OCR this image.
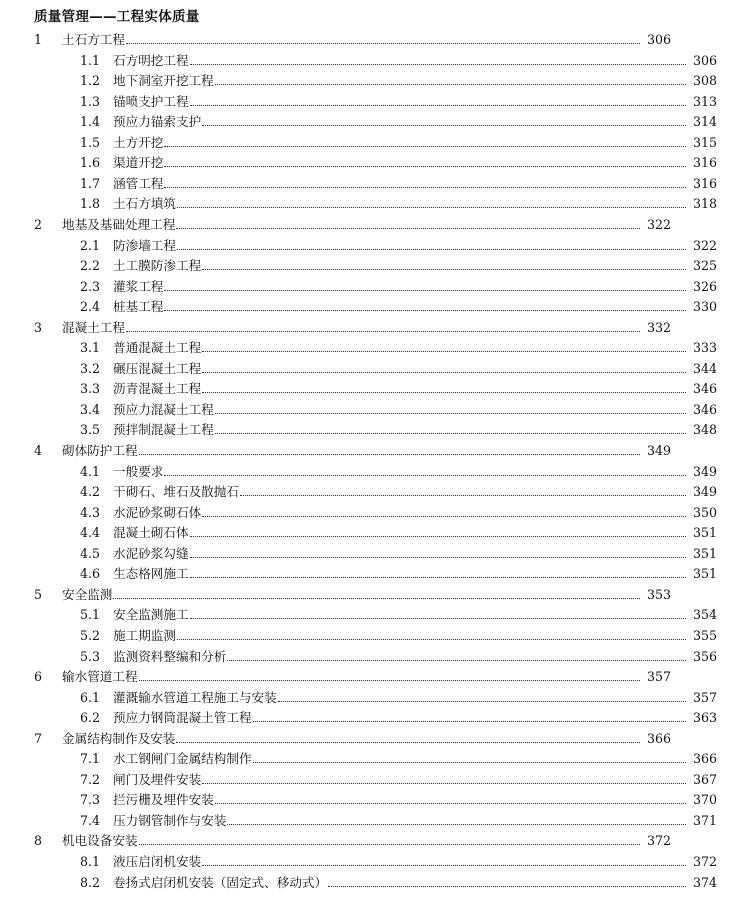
质量管理——工程实体质量
1	土石方工程	306
1.1	石方明挖工程	306
1.2	地下洞室开挖工程	308
1.3	锚喷支护工程	313
1.4	预应力锚索支护	314
1.5	土方开挖	315
1.6	渠道开挖	316
1.7	涵管工程	316
1.8	土石方填筑	318
2	地基及基础处理工程	322
2.1	防渗墙工程	322
2.2	土工膜防渗工程	325
2.3	灌浆工程	326
2.4	桩基工程	330
3	混凝土工程	332
3.1	普通混凝土工程	333
3.2	碾压混凝土工程	344
3.3	沥青混凝土工程	346
3.4	预应力混凝土工程	346
3.5	预拌制混凝土工程	348
4	砌体防护工程	349
4.1	一般要求	349
4.2	干砌石、堆石及散抛石	349
4.3	水泥砂浆砌石体	350
4.4	混凝土砌石体	351
4.5	水泥砂浆勾缝	351
4.6	生态格网施工	351
5	安全监测	353
5.1	安全监测施工	354
5.2	施工期监测	355
5.3	监测资料整编和分析	356
6	输水管道工程	357
6.1	灌溉输水管道工程施工与安装	357
6.2	预应力钢筒混凝土管工程	363
7	金属结构制作及安装	366
7.1	水工钢闸门金属结构制作	366
7.2	闸门及埋件安装	367
7.3	拦污栅及埋件安装	370
7.4	压力钢管制作与安装	371
8	机电设备安装	372
8.1	液压启闭机安装	372
8.2	卷扬式启闭机安装（固定式、移动式）	374
